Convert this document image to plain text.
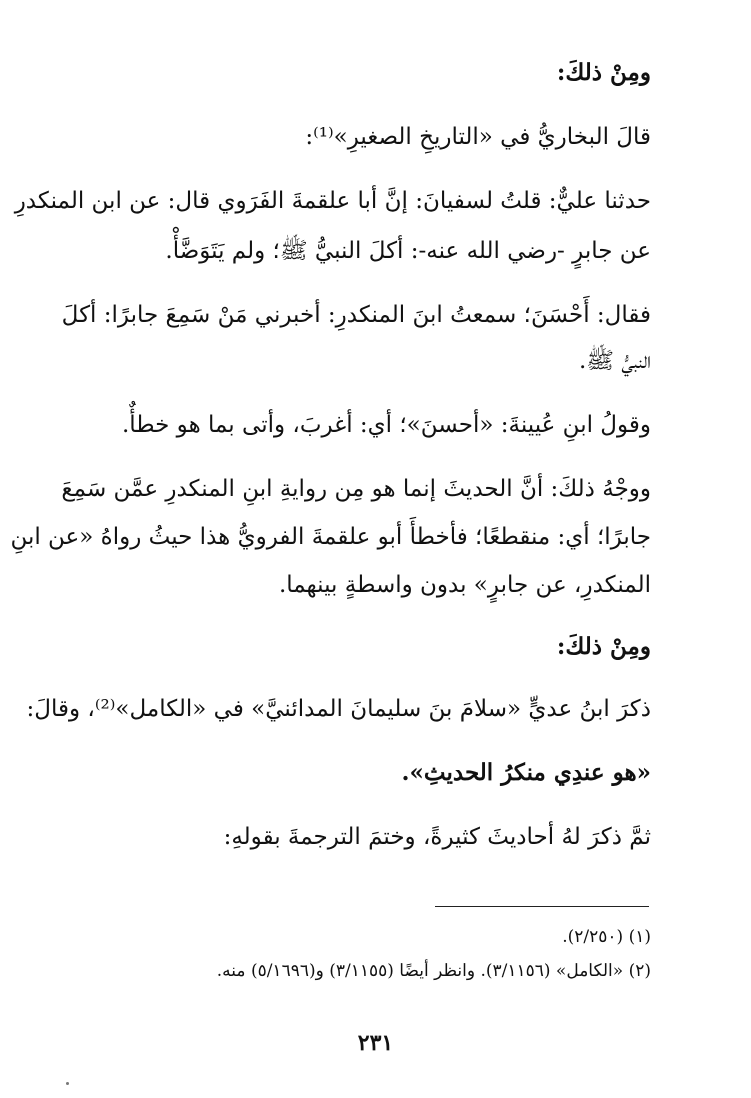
ومِنْ ذلكَ:
قالَ البخاريُّ في «التاريخِ الصغيرِ»⁽¹⁾:
حدثنا عليٌّ: قلتُ لسفيانَ: إنَّ أبا علقمةَ الفَرَوي قال: عن ابن المنكدرِ
عن جابرٍ -رضي الله عنه-: أكلَ النبيُّ ﷺ؛ ولم يَتَوَضَّأْ.
فقال: أَحْسَنَ؛ سمعتُ ابنَ المنكدرِ: أخبرني مَنْ سَمِعَ جابرًا: أكلَ
النبيُّ ﷺ.
وقولُ ابنِ عُيينةَ: «أحسنَ»؛ أي: أغربَ، وأتى بما هو خطأٌ.
ووجْهُ ذلكَ: أنَّ الحديثَ إنما هو مِن روايةِ ابنِ المنكدرِ عمَّن سَمِعَ
جابرًا؛ أي: منقطعًا؛ فأخطأَ أبو علقمةَ الفرويُّ هذا حيثُ رواهُ «عن ابنِ
المنكدرِ، عن جابرٍ» بدون واسطةٍ بينهما.
ومِنْ ذلكَ:
ذكرَ ابنُ عديٍّ «سلامَ بنَ سليمانَ المدائنيَّ» في «الكامل»⁽²⁾، وقالَ:
«هو عندِي منكرُ الحديثِ».
ثمَّ ذكرَ لهُ أحاديثَ كثيرةً، وختمَ الترجمةَ بقولهِ:
(١) (٢/٢٥٠).
(٢) «الكامل» (٣/١١٥٦). وانظر أيضًا (٣/١١٥٥) و(٥/١٦٩٦) منه.
٢٣١
